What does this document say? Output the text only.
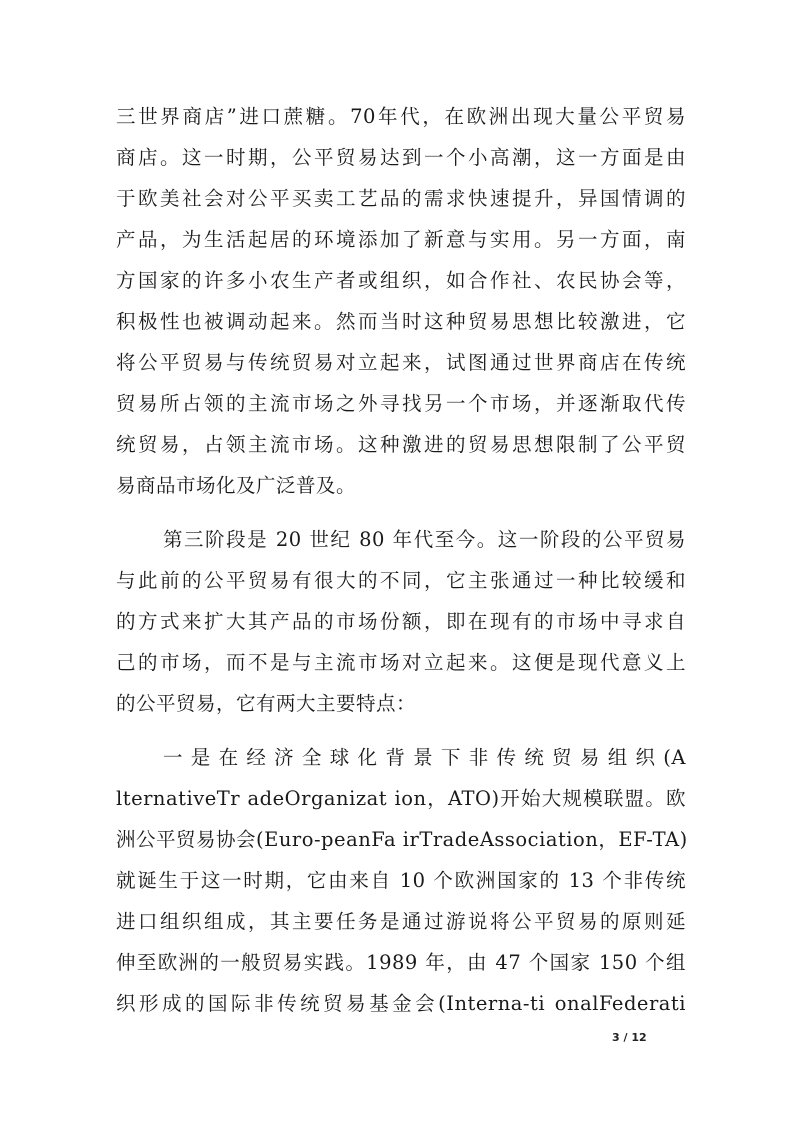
三世界商店”进口蔗糖。70年代，在欧洲出现大量公平贸易
商店。这一时期，公平贸易达到一个小高潮，这一方面是由
于欧美社会对公平买卖工艺品的需求快速提升，异国情调的
产品，为生活起居的环境添加了新意与实用。另一方面，南
方国家的许多小农生产者或组织，如合作社、农民协会等，
积极性也被调动起来。然而当时这种贸易思想比较激进，它
将公平贸易与传统贸易对立起来，试图通过世界商店在传统
贸易所占领的主流市场之外寻找另一个市场，并逐渐取代传
统贸易，占领主流市场。这种激进的贸易思想限制了公平贸
易商品市场化及广泛普及。
第三阶段是 20 世纪 80 年代至今。这一阶段的公平贸易
与此前的公平贸易有很大的不同，它主张通过一种比较缓和
的方式来扩大其产品的市场份额，即在现有的市场中寻求自
己的市场，而不是与主流市场对立起来。这便是现代意义上
的公平贸易，它有两大主要特点：
一是在经济全球化背景下非传统贸易组织(A
lternativeTr adeOrganizat ion，ATO)开始大规模联盟。欧
洲公平贸易协会(Euro-peanFa irTradeAssociation，EF-TA)
就诞生于这一时期，它由来自 10 个欧洲国家的 13 个非传统
进口组织组成，其主要任务是通过游说将公平贸易的原则延
伸至欧洲的一般贸易实践。1989 年，由 47 个国家 150 个组
织形成的国际非传统贸易基金会(Interna-ti onalFederati
3 / 12
